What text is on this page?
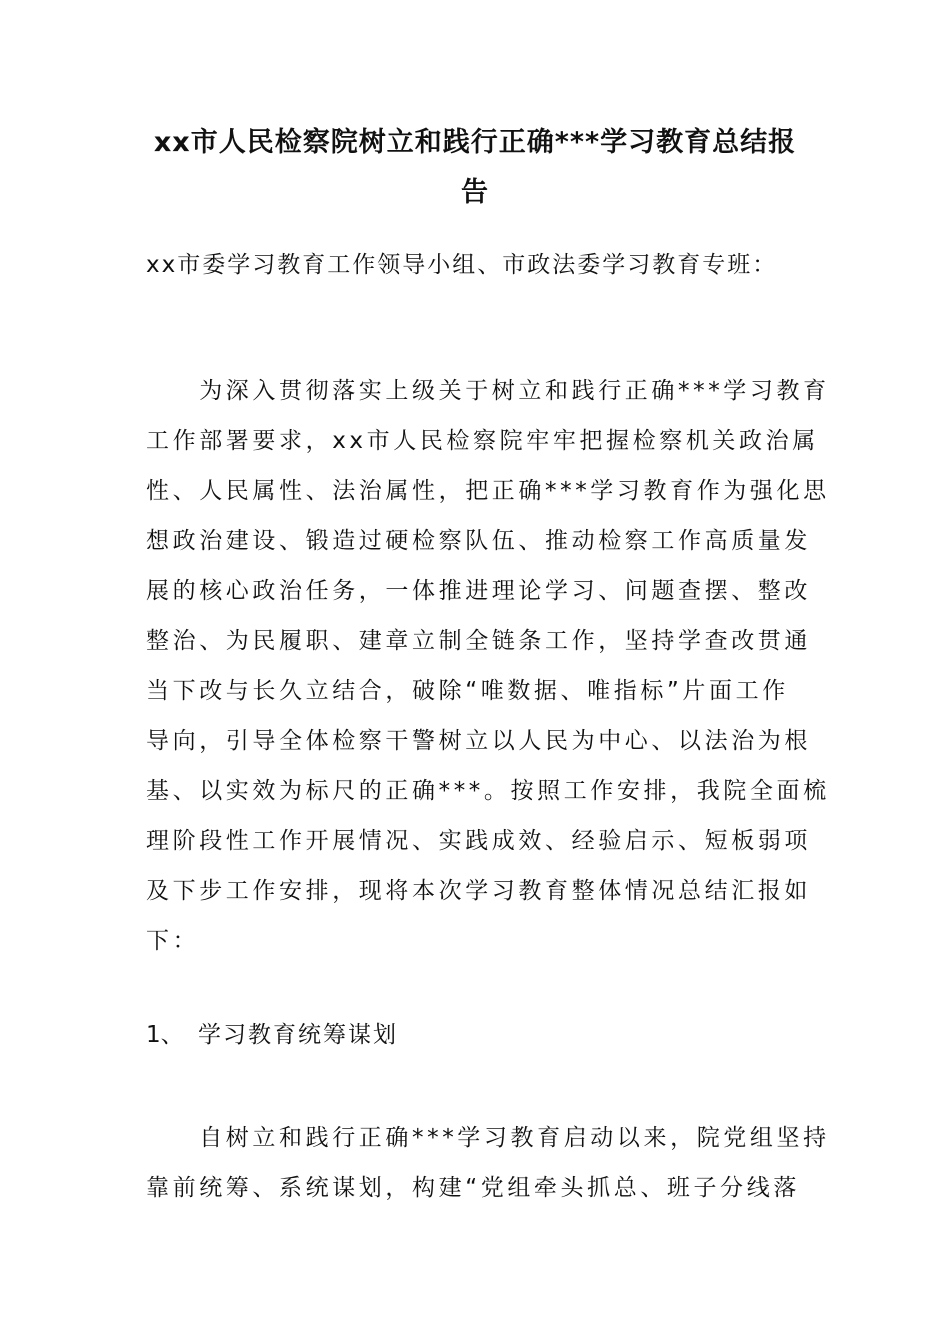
xx市人民检察院树立和践行正确***学习教育总结报
告

xx市委学习教育工作领导小组、市政法委学习教育专班：

　　为深入贯彻落实上级关于树立和践行正确***学习教育
工作部署要求，xx市人民检察院牢牢把握检察机关政治属
性、人民属性、法治属性，把正确***学习教育作为强化思
想政治建设、锻造过硬检察队伍、推动检察工作高质量发
展的核心政治任务，一体推进理论学习、问题查摆、整改
整治、为民履职、建章立制全链条工作，坚持学查改贯通
当下改与长久立结合，破除“唯数据、唯指标”片面工作
导向，引导全体检察干警树立以人民为中心、以法治为根
基、以实效为标尺的正确***。按照工作安排，我院全面梳
理阶段性工作开展情况、实践成效、经验启示、短板弱项
及下步工作安排，现将本次学习教育整体情况总结汇报如
下：

1、 学习教育统筹谋划

　　自树立和践行正确***学习教育启动以来，院党组坚持
靠前统筹、系统谋划，构建“党组牵头抓总、班子分线落
